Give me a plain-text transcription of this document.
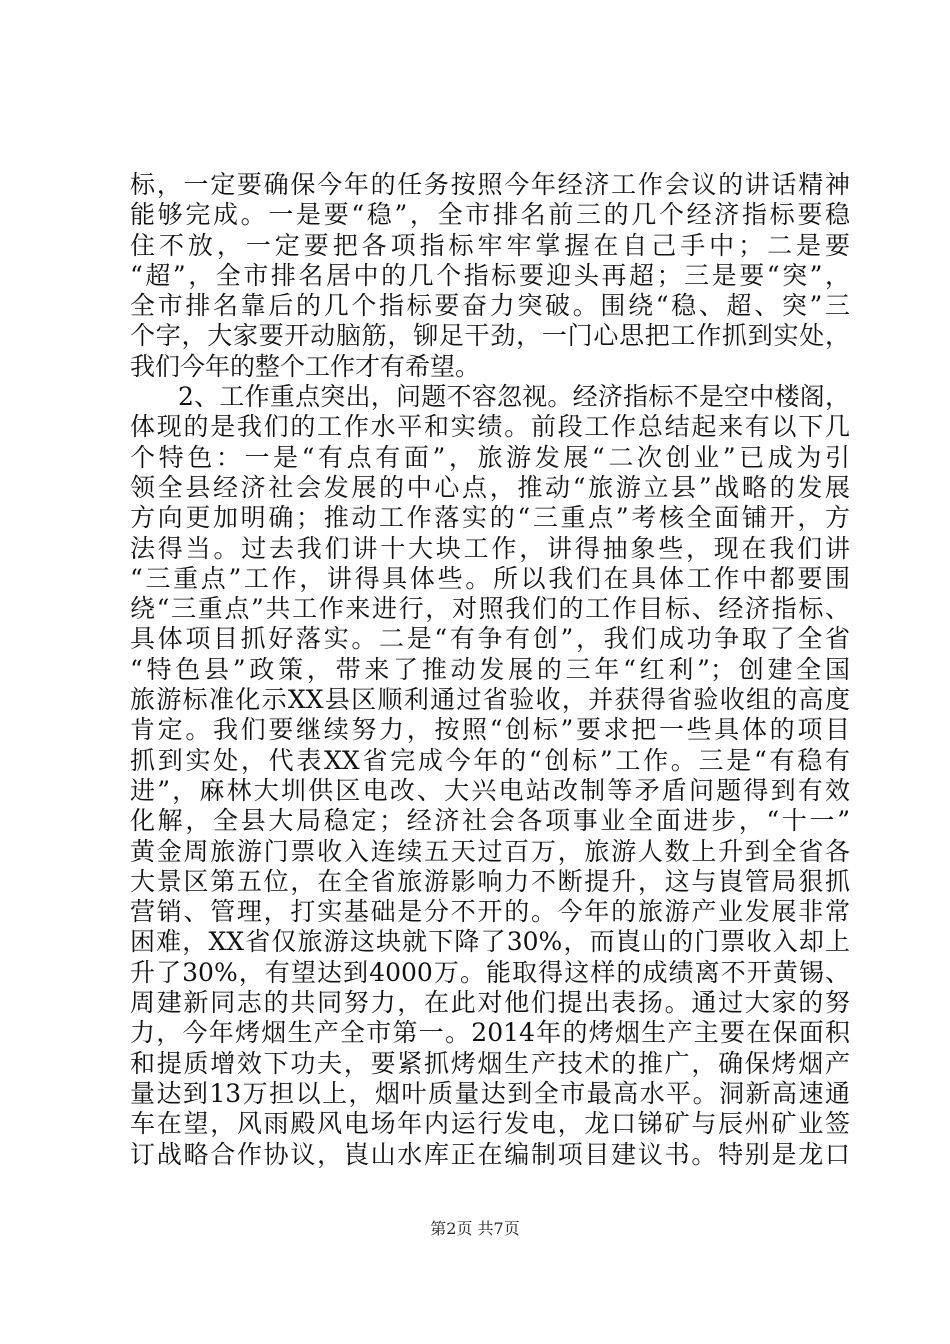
标，一定要确保今年的任务按照今年经济工作会议的讲话精神
能够完成。一是要“稳”，全市排名前三的几个经济指标要稳
住不放，一定要把各项指标牢牢掌握在自己手中；二是要
“超”，全市排名居中的几个指标要迎头再超；三是要“突”，
全市排名靠后的几个指标要奋力突破。围绕“稳、超、突”三
个字，大家要开动脑筋，铆足干劲，一门心思把工作抓到实处，
我们今年的整个工作才有希望。
2、工作重点突出，问题不容忽视。经济指标不是空中楼阁，
体现的是我们的工作水平和实绩。前段工作总结起来有以下几
个特色：一是“有点有面”，旅游发展“二次创业”已成为引
领全县经济社会发展的中心点，推动“旅游立县”战略的发展
方向更加明确；推动工作落实的“三重点”考核全面铺开，方
法得当。过去我们讲十大块工作，讲得抽象些，现在我们讲
“三重点”工作，讲得具体些。所以我们在具体工作中都要围
绕“三重点”共工作来进行，对照我们的工作目标、经济指标、
具体项目抓好落实。二是“有争有创”，我们成功争取了全省
“特色县”政策，带来了推动发展的三年“红利”；创建全国
旅游标准化示XX县区顺利通过省验收，并获得省验收组的高度
肯定。我们要继续努力，按照“创标”要求把一些具体的项目
抓到实处，代表XX省完成今年的“创标”工作。三是“有稳有
进”，麻林大圳供区电改、大兴电站改制等矛盾问题得到有效
化解，全县大局稳定；经济社会各项事业全面进步，“十一”
黄金周旅游门票收入连续五天过百万，旅游人数上升到全省各
大景区第五位，在全省旅游影响力不断提升，这与崀管局狠抓
营销、管理，打实基础是分不开的。今年的旅游产业发展非常
困难，XX省仅旅游这块就下降了30%，而崀山的门票收入却上
升了30%，有望达到4000万。能取得这样的成绩离不开黄锡、
周建新同志的共同努力，在此对他们提出表扬。通过大家的努
力，今年烤烟生产全市第一。2014年的烤烟生产主要在保面积
和提质增效下功夫，要紧抓烤烟生产技术的推广，确保烤烟产
量达到13万担以上，烟叶质量达到全市最高水平。洞新高速通
车在望，风雨殿风电场年内运行发电，龙口锑矿与辰州矿业签
订战略合作协议，崀山水库正在编制项目建议书。特别是龙口
第2页 共7页
